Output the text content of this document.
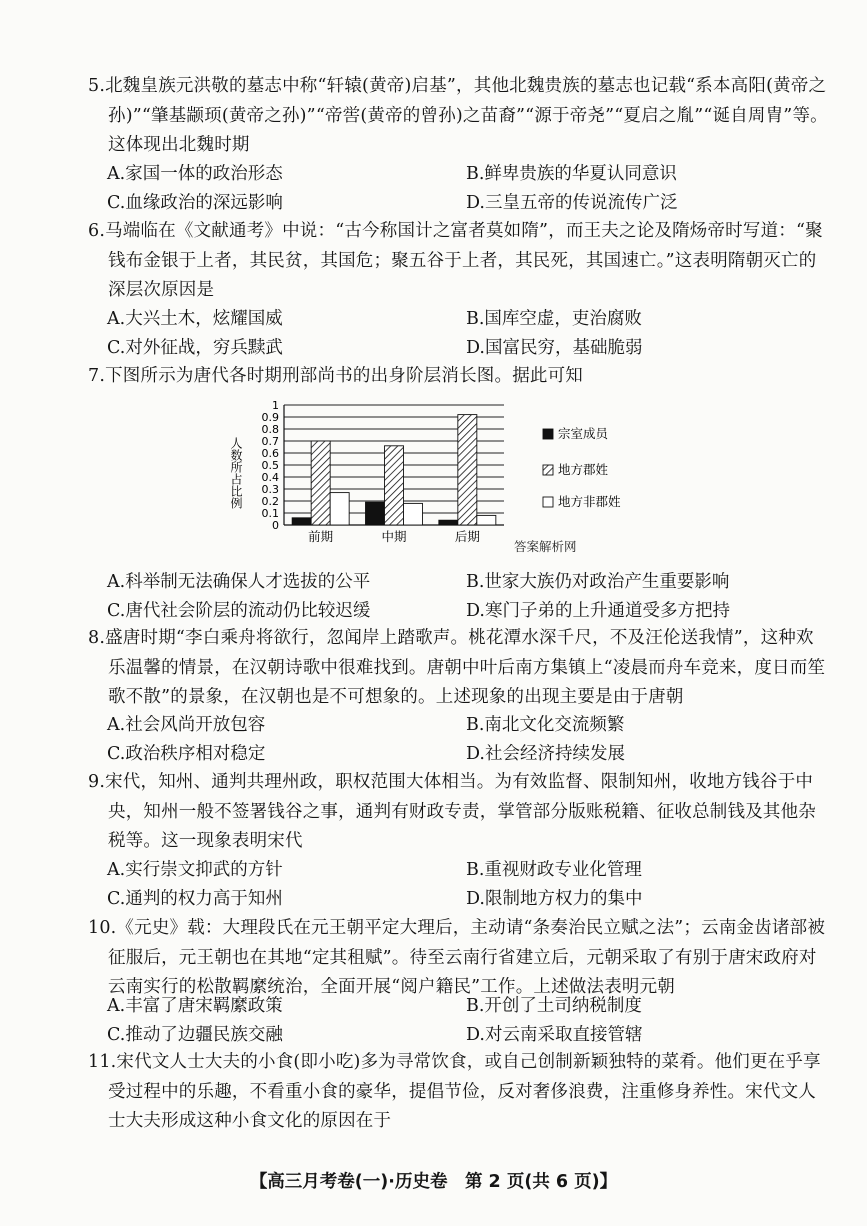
5.北魏皇族元洪敬的墓志中称“轩辕(黄帝)启基”，其他北魏贵族的墓志也记载“系本高阳(黄帝之孙)”“肇基颛顼(黄帝之孙)”“帝喾(黄帝的曾孙)之苗裔”“源于帝尧”“夏启之胤”“诞自周胄”等。这体现出北魏时期
A.家国一体的政治形态	B.鲜卑贵族的华夏认同意识
C.血缘政治的深远影响	D.三皇五帝的传说流传广泛
6.马端临在《文献通考》中说：“古今称国计之富者莫如隋”，而王夫之论及隋炀帝时写道：“聚钱布金银于上者，其民贫，其国危；聚五谷于上者，其民死，其国速亡。”这表明隋朝灭亡的深层次原因是
A.大兴土木，炫耀国威	B.国库空虚，吏治腐败
C.对外征战，穷兵黩武	D.国富民穷，基础脆弱
7.下图所示为唐代各时期刑部尚书的出身阶层消长图。据此可知
人数所占比例
0
0.1
0.2
0.3
0.4
0.5
0.6
0.7
0.8
0.9
1
前期	中期	后期
宗室成员
地方郡姓
地方非郡姓
答案解析网
A.科举制无法确保人才选拔的公平	B.世家大族仍对政治产生重要影响
C.唐代社会阶层的流动仍比较迟缓	D.寒门子弟的上升通道受多方把持
8.盛唐时期“李白乘舟将欲行，忽闻岸上踏歌声。桃花潭水深千尺，不及汪伦送我情”，这种欢乐温馨的情景，在汉朝诗歌中很难找到。唐朝中叶后南方集镇上“凌晨而舟车竞来，度日而笙歌不散”的景象，在汉朝也是不可想象的。上述现象的出现主要是由于唐朝
A.社会风尚开放包容	B.南北文化交流频繁
C.政治秩序相对稳定	D.社会经济持续发展
9.宋代，知州、通判共理州政，职权范围大体相当。为有效监督、限制知州，收地方钱谷于中央，知州一般不签署钱谷之事，通判有财政专责，掌管部分版账税籍、征收总制钱及其他杂税等。这一现象表明宋代
A.实行崇文抑武的方针	B.重视财政专业化管理
C.通判的权力高于知州	D.限制地方权力的集中
10.《元史》载：大理段氏在元王朝平定大理后，主动请“条奏治民立赋之法”；云南金齿诸部被征服后，元王朝也在其地“定其租赋”。待至云南行省建立后，元朝采取了有别于唐宋政府对云南实行的松散羁縻统治，全面开展“阅户籍民”工作。上述做法表明元朝
A.丰富了唐宋羁縻政策	B.开创了土司纳税制度
C.推动了边疆民族交融	D.对云南采取直接管辖
11.宋代文人士大夫的小食(即小吃)多为寻常饮食，或自己创制新颖独特的菜肴。他们更在乎享受过程中的乐趣，不看重小食的豪华，提倡节俭，反对奢侈浪费，注重修身养性。宋代文人士大夫形成这种小食文化的原因在于
【高三月考卷(一)·历史卷　第 2 页(共 6 页)】
